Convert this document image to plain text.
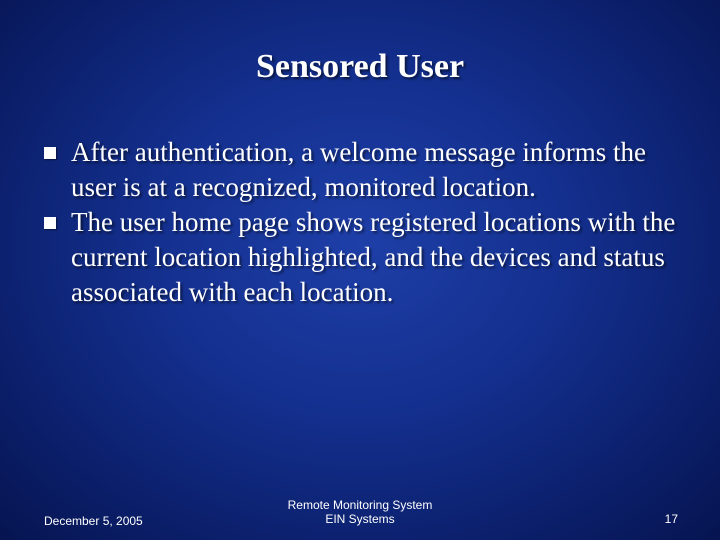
Sensored User
After authentication, a welcome message informs the user is at a recognized, monitored location.
The user home page shows registered locations with the current location highlighted, and the devices and status associated with each location.
December 5, 2005
Remote Monitoring System
EIN Systems	17
